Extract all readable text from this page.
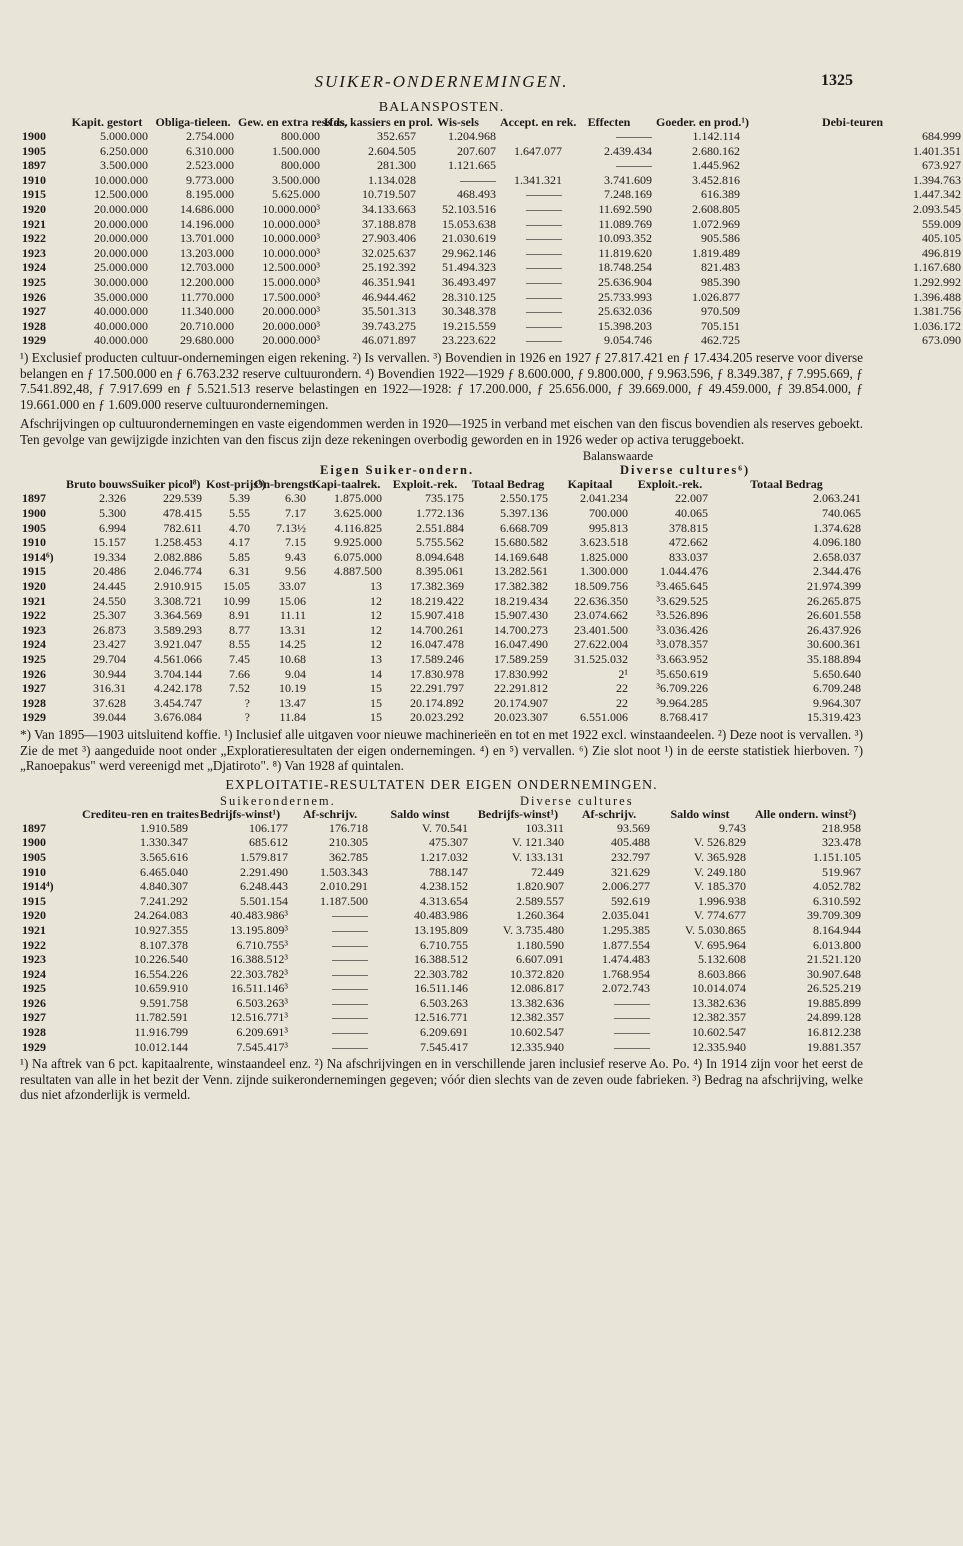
SUIKER-ONDERNEMINGEN.	1325
BALANSPOSTEN.
	Kapit. gestort	Obliga-tieleen.	Gew. en extra res.fds.	Kas, kassiers en prol.	Wis-sels	Accept. en rek.	Effecten	Goeder. en prod.¹)	Debi-teuren
1900	5.000.000	2.754.000	800.000	352.657	1.204.968		———	1.142.114	684.999
1905	6.250.000	6.310.000	1.500.000	2.604.505	207.607	1.647.077	2.439.434	2.680.162	1.401.351
1897	3.500.000	2.523.000	800.000	281.300	1.121.665		———	1.445.962	673.927
1910	10.000.000	9.773.000	3.500.000	1.134.028	———	1.341.321	3.741.609	3.452.816	1.394.763
1915	12.500.000	8.195.000	5.625.000	10.719.507	468.493	———	7.248.169	616.389	1.447.342
1920	20.000.000	14.686.000	10.000.000³	34.133.663	52.103.516	———	11.692.590	2.608.805	2.093.545
1921	20.000.000	14.196.000	10.000.000³	37.188.878	15.053.638	———	11.089.769	1.072.969	559.009
1922	20.000.000	13.701.000	10.000.000³	27.903.406	21.030.619	———	10.093.352	905.586	405.105
1923	20.000.000	13.203.000	10.000.000³	32.025.637	29.962.146	———	11.819.620	1.819.489	496.819
1924	25.000.000	12.703.000	12.500.000³	25.192.392	51.494.323	———	18.748.254	821.483	1.167.680
1925	30.000.000	12.200.000	15.000.000³	46.351.941	36.493.497	———	25.636.904	985.390	1.292.992
1926	35.000.000	11.770.000	17.500.000³	46.944.462	28.310.125	———	25.733.993	1.026.877	1.396.488
1927	40.000.000	11.340.000	20.000.000³	35.501.313	30.348.378	———	25.632.036	970.509	1.381.756
1928	40.000.000	20.710.000	20.000.000³	39.743.275	19.215.559	———	15.398.203	705.151	1.036.172
1929	40.000.000	29.680.000	20.000.000³	46.071.897	23.223.622	———	9.054.746	462.725	673.090
¹) Exclusief producten cultuur-ondernemingen eigen rekening. ²) Is vervallen. ³) Bovendien in 1926 en 1927 ƒ 27.817.421 en ƒ 17.434.205 reserve voor diverse belangen en ƒ 17.500.000 en ƒ 6.763.232 reserve cultuurondern. ⁴) Bovendien 1922—1929 ƒ 8.600.000, ƒ 9.800.000, ƒ 9.963.596, ƒ 8.349.387, ƒ 7.995.669, ƒ 7.541.892,48, ƒ 7.917.699 en ƒ 5.521.513 reserve belastingen en 1922—1928: ƒ 17.200.000, ƒ 25.656.000, ƒ 39.669.000, ƒ 49.459.000, ƒ 39.854.000, ƒ 19.661.000 en ƒ 1.609.000 reserve cultuurondernemingen.
Afschrijvingen op cultuurondernemingen en vaste eigendommen werden in 1920—1925 in verband met eischen van den fiscus bovendien als reserves geboekt. Ten gevolge van gewijzigde inzichten van den fiscus zijn deze rekeningen overbodig geworden en in 1926 weder op activa teruggeboekt.
Balanswaarde
Eigen Suiker-ondern.	Diverse cultures⁶)
	Bruto bouws	Suiker picol⁸)	Kost-prijs¹)	On-brengst	Kapi-taalrek.	Exploit.-rek.	Totaal Bedrag	Kapitaal	Exploit.-rek.	Totaal Bedrag
1897	2.326	229.539	5.39	6.30	1.875.000	735.175	2.550.175	2.041.234	22.007	2.063.241
1900	5.300	478.415	5.55	7.17	3.625.000	1.772.136	5.397.136	700.000	40.065	740.065
1905	6.994	782.611	4.70	7.13½	4.116.825	2.551.884	6.668.709	995.813	378.815	1.374.628
1910	15.157	1.258.453	4.17	7.15	9.925.000	5.755.562	15.680.582	3.623.518	472.662	4.096.180
1914⁶)	19.334	2.082.886	5.85	9.43	6.075.000	8.094.648	14.169.648	1.825.000	833.037	2.658.037
1915	20.486	2.046.774	6.31	9.56	4.887.500	8.395.061	13.282.561	1.300.000	1.044.476	2.344.476
1920	24.445	2.910.915	15.05	33.07	13	17.382.369	17.382.382	18.509.756	³3.465.645	21.974.399
1921	24.550	3.308.721	10.99	15.06	12	18.219.422	18.219.434	22.636.350	³3.629.525	26.265.875
1922	25.307	3.364.569	8.91	11.11	12	15.907.418	15.907.430	23.074.662	³3.526.896	26.601.558
1923	26.873	3.589.293	8.77	13.31	12	14.700.261	14.700.273	23.401.500	³3.036.426	26.437.926
1924	23.427	3.921.047	8.55	14.25	12	16.047.478	16.047.490	27.622.004	³3.078.357	30.600.361
1925	29.704	4.561.066	7.45	10.68	13	17.589.246	17.589.259	31.525.032	³3.663.952	35.188.894
1926	30.944	3.704.144	7.66	9.04	14	17.830.978	17.830.992	2¹	³5.650.619	5.650.640
1927	316.31	4.242.178	7.52	10.19	15	22.291.797	22.291.812	22	³6.709.226	6.709.248
1928	37.628	3.454.747	?	13.47	15	20.174.892	20.174.907	22	³9.964.285	9.964.307
1929	39.044	3.676.084	?	11.84	15	20.023.292	20.023.307	6.551.006	8.768.417	15.319.423
*) Van 1895—1903 uitsluitend koffie. ¹) Inclusief alle uitgaven voor nieuwe machinerieën en tot en met 1922 excl. winstaandeelen. ²) Deze noot is vervallen. ³) Zie de met ³) aangeduide noot onder „Exploratieresultaten der eigen ondernemingen. ⁴) en ⁵) vervallen. ⁶) Zie slot noot ¹) in de eerste statistiek hierboven. ⁷) „Ranoepakus" werd vereenigd met „Djatiroto". ⁸) Van 1928 af quintalen.
EXPLOITATIE-RESULTATEN DER EIGEN ONDERNEMINGEN.
Suikerondernem.	Diverse cultures
	Crediteu-ren en traites	Bedrijfs-winst¹)	Af-schrijv.	Saldo winst	Bedrijfs-winst¹)	Af-schrijv.	Saldo winst	Alle ondern. winst²)
1897	1.910.589	106.177	176.718	V. 70.541	103.311	93.569	9.743	218.958
1900	1.330.347	685.612	210.305	475.307	V. 121.340	405.488	V. 526.829	323.478
1905	3.565.616	1.579.817	362.785	1.217.032	V. 133.131	232.797	V. 365.928	1.151.105
1910	6.465.040	2.291.490	1.503.343	788.147	72.449	321.629	V. 249.180	519.967
1914⁴)	4.840.307	6.248.443	2.010.291	4.238.152	1.820.907	2.006.277	V. 185.370	4.052.782
1915	7.241.292	5.501.154	1.187.500	4.313.654	2.589.557	592.619	1.996.938	6.310.592
1920	24.264.083	40.483.986³	———	40.483.986	1.260.364	2.035.041	V. 774.677	39.709.309
1921	10.927.355	13.195.809³	———	13.195.809	V. 3.735.480	1.295.385	V. 5.030.865	8.164.944
1922	8.107.378	6.710.755³	———	6.710.755	1.180.590	1.877.554	V. 695.964	6.013.800
1923	10.226.540	16.388.512³	———	16.388.512	6.607.091	1.474.483	5.132.608	21.521.120
1924	16.554.226	22.303.782³	———	22.303.782	10.372.820	1.768.954	8.603.866	30.907.648
1925	10.659.910	16.511.146³	———	16.511.146	12.086.817	2.072.743	10.014.074	26.525.219
1926	9.591.758	6.503.263³	———	6.503.263	13.382.636	———	13.382.636	19.885.899
1927	11.782.591	12.516.771³	———	12.516.771	12.382.357	———	12.382.357	24.899.128
1928	11.916.799	6.209.691³	———	6.209.691	10.602.547	———	10.602.547	16.812.238
1929	10.012.144	7.545.417³	———	7.545.417	12.335.940	———	12.335.940	19.881.357
¹) Na aftrek van 6 pct. kapitaalrente, winstaandeel enz. ²) Na afschrijvingen en in verschillende jaren inclusief reserve Ao. Po. ⁴) In 1914 zijn voor het eerst de resultaten van alle in het bezit der Venn. zijnde suikerondernemingen gegeven; vóór dien slechts van de zeven oude fabrieken. ³) Bedrag na afschrijving, welke dus niet afzonderlijk is vermeld.
